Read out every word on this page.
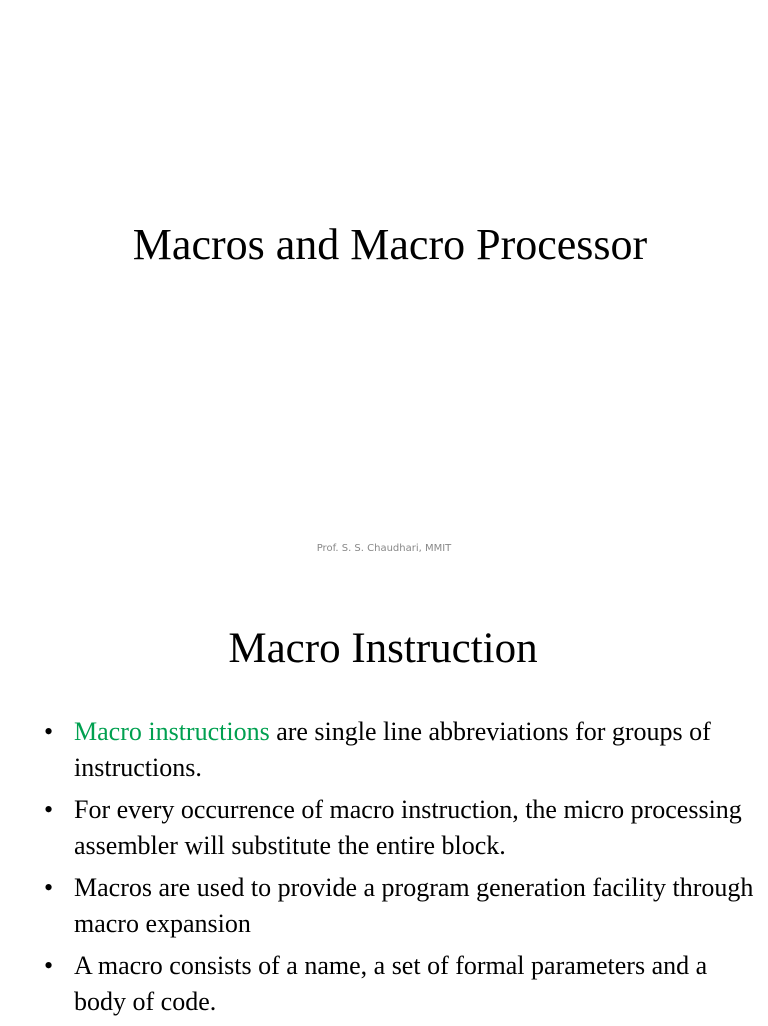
Macros and Macro Processor
Prof. S. S. Chaudhari, MMIT
Macro Instruction
• Macro instructions are single line abbreviations for groups of instructions.
• For every occurrence of macro instruction, the micro processing assembler will substitute the entire block.
• Macros are used to provide a program generation facility through macro expansion
• A macro consists of a name, a set of formal parameters and a body of code.
